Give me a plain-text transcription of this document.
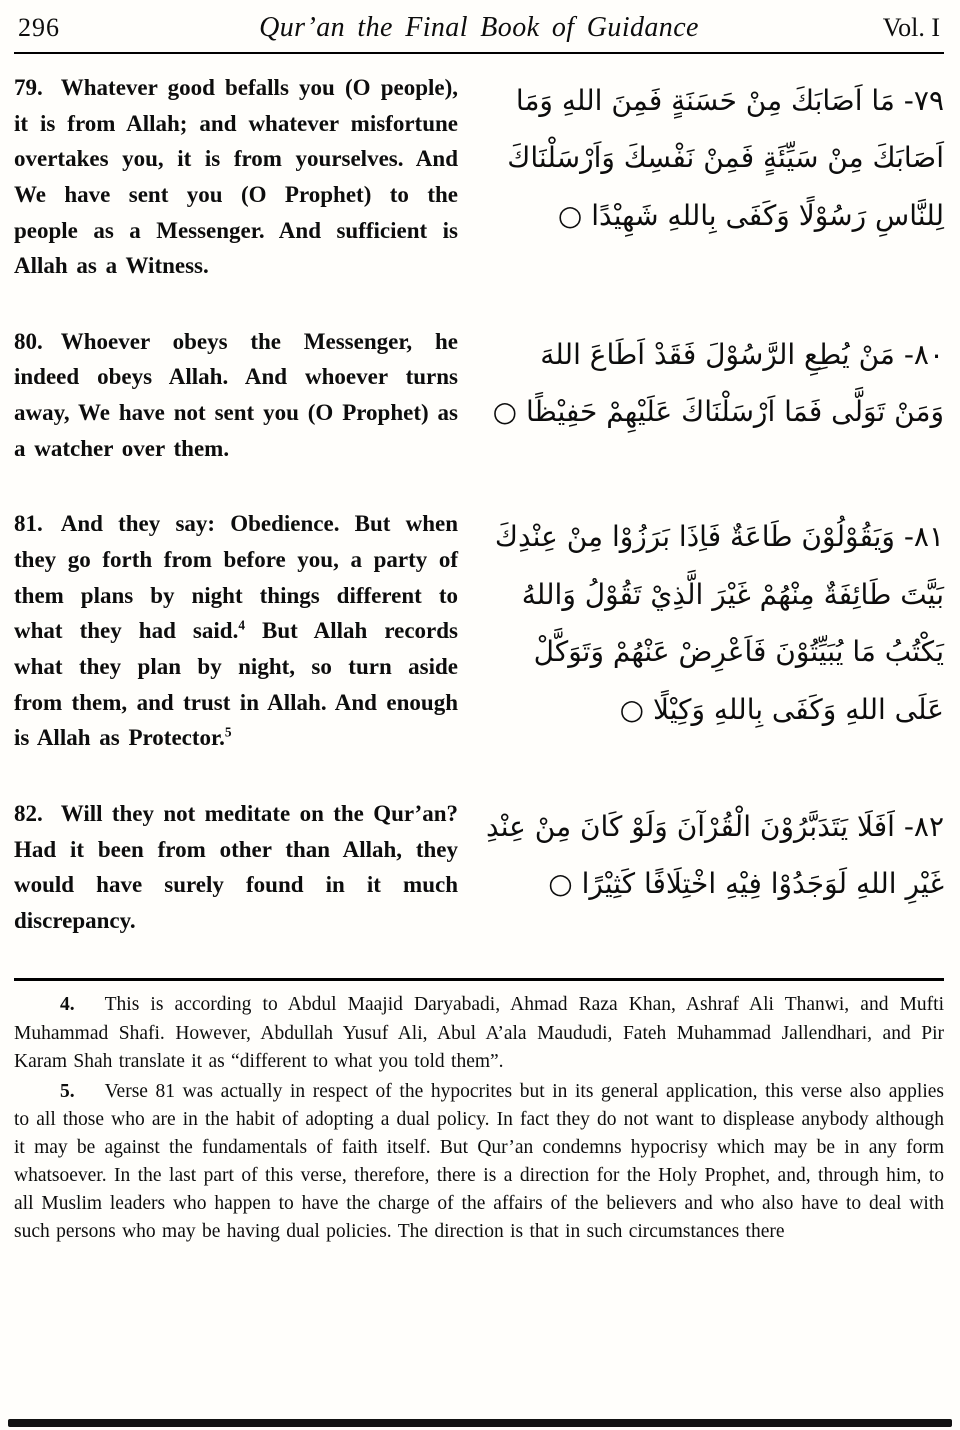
296	Qur’an the Final Book of Guidance	Vol. I

79. Whatever good befalls you (O people), it is from Allah; and whatever misfortune overtakes you, it is from yourselves. And We have sent you (O Prophet) to the people as a Messenger. And sufficient is Allah as a Witness.

٧٩- مَا اَصَابَكَ مِنْ حَسَنَةٍ فَمِنَ اللهِ وَمَا اَصَابَكَ مِنْ سَيِّئَةٍ فَمِنْ نَفْسِكَ وَاَرْسَلْنَاكَ لِلنَّاسِ رَسُوْلًا وَكَفَى بِاللهِ شَهِيْدًا ○

80. Whoever obeys the Messenger, he indeed obeys Allah. And whoever turns away, We have not sent you (O Prophet) as a watcher over them.

٨٠- مَنْ يُطِعِ الرَّسُوْلَ فَقَدْ اَطَاعَ اللهَ وَمَنْ تَوَلَّى فَمَا اَرْسَلْنَاكَ عَلَيْهِمْ حَفِيْظًا ○

81. And they say: Obedience. But when they go forth from before you, a party of them plans by night things different to what they had said.$^4$ But Allah records what they plan by night, so turn aside from them, and trust in Allah. And enough is Allah as Protector.$^5$

٨١- وَيَقُوْلُوْنَ طَاعَةٌ فَاِذَا بَرَزُوْا مِنْ عِنْدِكَ بَيَّتَ طَائِفَةٌ مِنْهُمْ غَيْرَ الَّذِيْ تَقُوْلُ وَاللهُ يَكْتُبُ مَا يُبَيِّتُوْنَ فَاَعْرِضْ عَنْهُمْ وَتَوَكَّلْ عَلَى اللهِ وَكَفَى بِاللهِ وَكِيْلًا ○

82. Will they not meditate on the Qur’an? Had it been from other than Allah, they would have surely found in it much discrepancy.

٨٢- اَفَلَا يَتَدَبَّرُوْنَ الْقُرْآنَ وَلَوْ كَانَ مِنْ عِنْدِ غَيْرِ اللهِ لَوَجَدُوْا فِيْهِ اخْتِلَافًا كَثِيْرًا ○

4. This is according to Abdul Maajid Daryabadi, Ahmad Raza Khan, Ashraf Ali Thanwi, and Mufti Muhammad Shafi. However, Abdullah Yusuf Ali, Abul A’ala Maududi, Fateh Muhammad Jallendhari, and Pir Karam Shah translate it as “different to what you told them”.

5. Verse 81 was actually in respect of the hypocrites but in its general application, this verse also applies to all those who are in the habit of adopting a dual policy. In fact they do not want to displease anybody although it may be against the fundamentals of faith itself. But Qur’an condemns hypocrisy which may be in any form whatsoever. In the last part of this verse, therefore, there is a direction for the Holy Prophet, and, through him, to all Muslim leaders who happen to have the charge of the affairs of the believers and who also have to deal with such persons who may be having dual policies. The direction is that in such circumstances there
